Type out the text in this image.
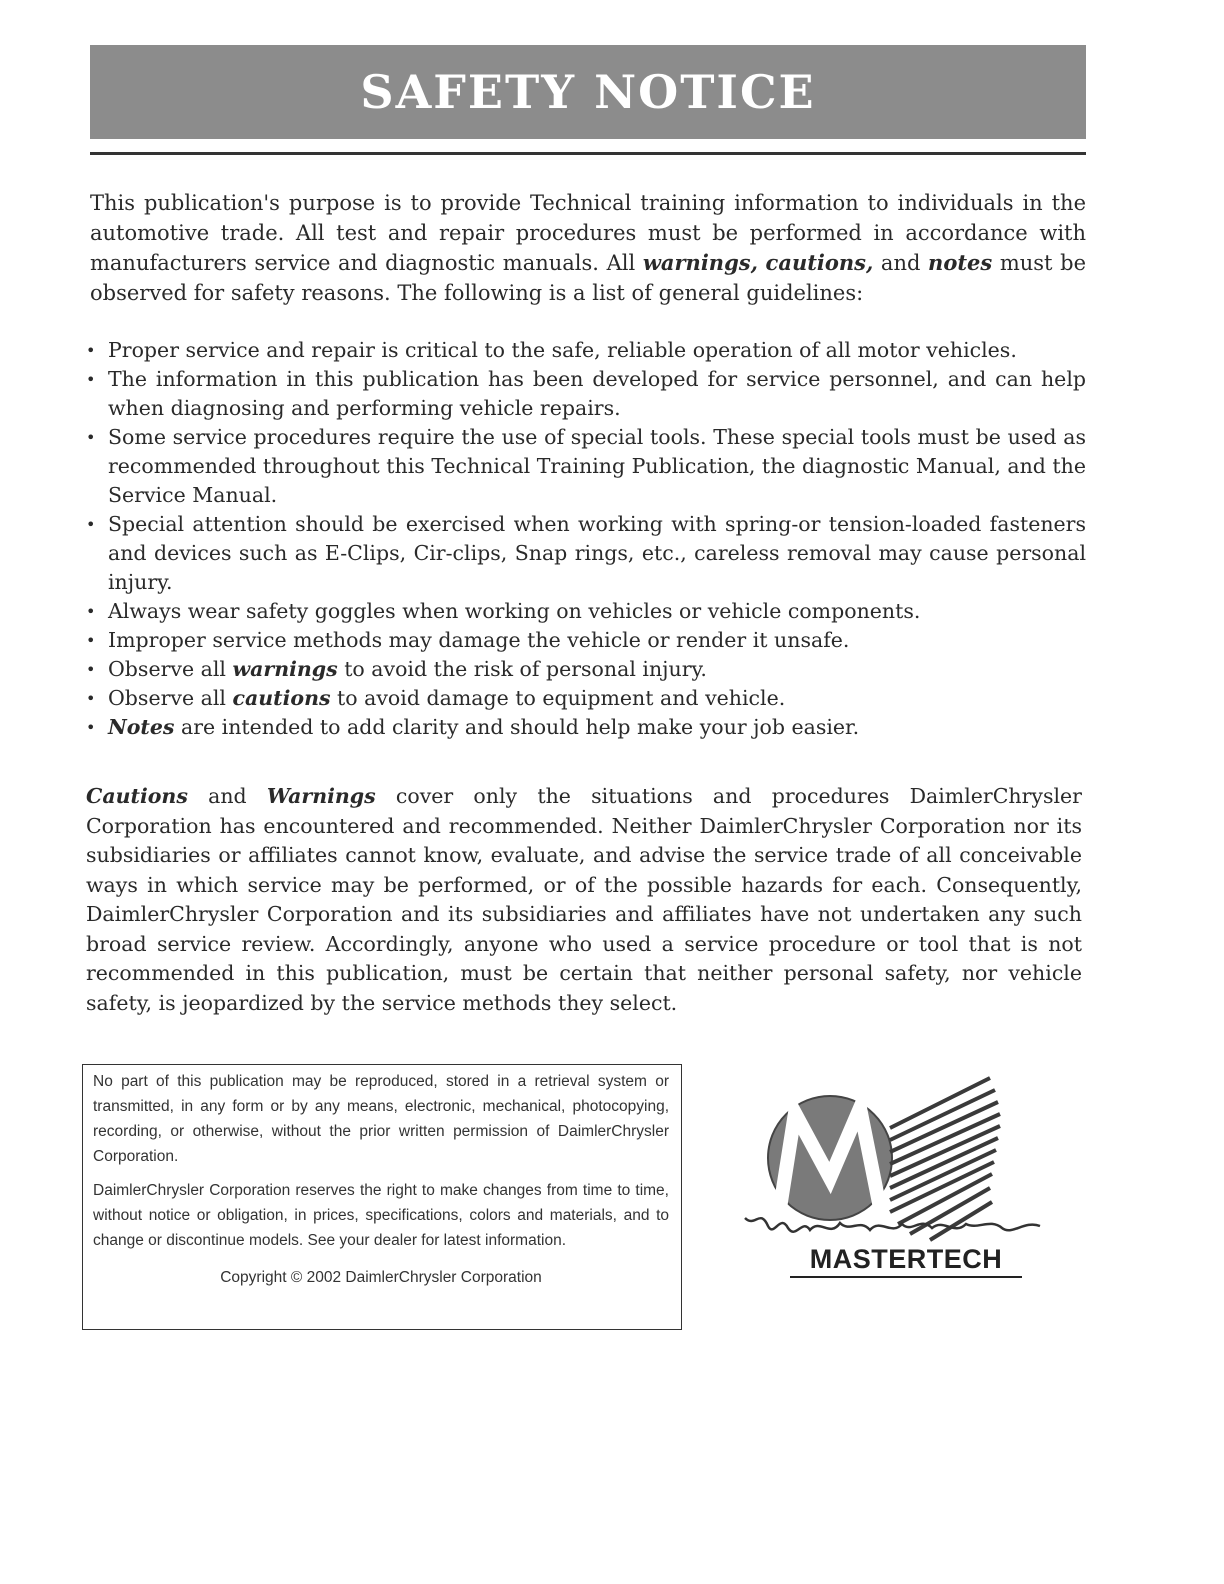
SAFETY NOTICE

This publication's purpose is to provide Technical training information to individuals in the automotive trade. All test and repair procedures must be performed in accordance with manufacturers service and diagnostic manuals. All warnings, cautions, and notes must be observed for safety reasons. The following is a list of general guidelines:

• Proper service and repair is critical to the safe, reliable operation of all motor vehicles.
• The information in this publication has been developed for service personnel, and can help when diagnosing and performing vehicle repairs.
• Some service procedures require the use of special tools. These special tools must be used as recommended throughout this Technical Training Publication, the diagnostic Manual, and the Service Manual.
• Special attention should be exercised when working with spring-or tension-loaded fasteners and devices such as E-Clips, Cir-clips, Snap rings, etc., careless removal may cause personal injury.
• Always wear safety goggles when working on vehicles or vehicle components.
• Improper service methods may damage the vehicle or render it unsafe.
• Observe all warnings to avoid the risk of personal injury.
• Observe all cautions to avoid damage to equipment and vehicle.
• Notes are intended to add clarity and should help make your job easier.

Cautions and Warnings cover only the situations and procedures DaimlerChrysler Corporation has encountered and recommended. Neither DaimlerChrysler Corporation nor its subsidiaries or affiliates cannot know, evaluate, and advise the service trade of all conceivable ways in which service may be performed, or of the possible hazards for each. Consequently, DaimlerChrysler Corporation and its subsidiaries and affiliates have not undertaken any such broad service review. Accordingly, anyone who used a service procedure or tool that is not recommended in this publication, must be certain that neither personal safety, nor vehicle safety, is jeopardized by the service methods they select.

No part of this publication may be reproduced, stored in a retrieval system or transmitted, in any form or by any means, electronic, mechanical, photocopying, recording, or otherwise, without the prior written permission of DaimlerChrysler Corporation.

DaimlerChrysler Corporation reserves the right to make changes from time to time, without notice or obligation, in prices, specifications, colors and materials, and to change or discontinue models. See your dealer for latest information.

Copyright © 2002 DaimlerChrysler Corporation

MASTERTECH
